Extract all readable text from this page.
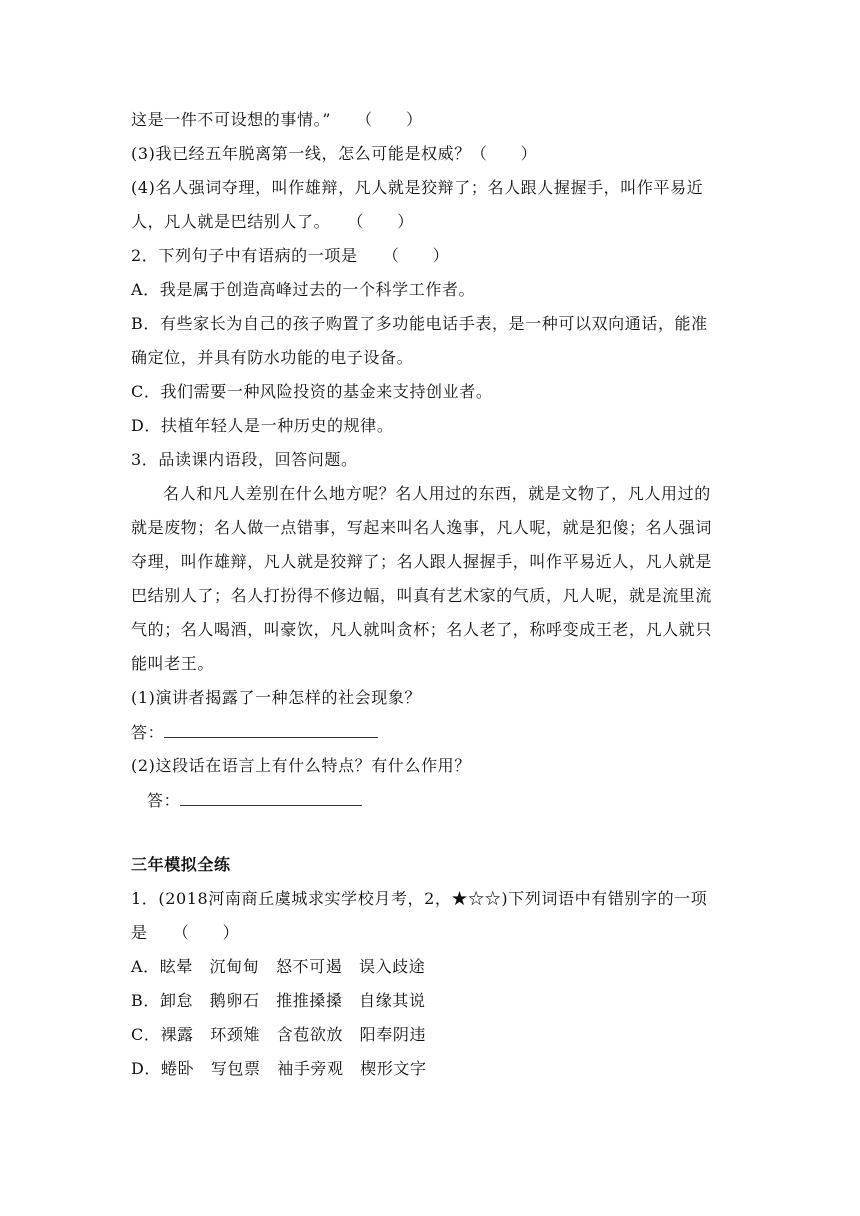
这是一件不可设想的事情。”　　（　　）
(3)我已经五年脱离第一线，怎么可能是权威？（　　）
(4)名人强词夺理，叫作雄辩，凡人就是狡辩了；名人跟人握握手，叫作平易近
人，凡人就是巴结别人了。　　（　　）
2．下列句子中有语病的一项是　　（　　）
A．我是属于创造高峰过去的一个科学工作者。
B．有些家长为自己的孩子购置了多功能电话手表，是一种可以双向通话，能准
确定位，并具有防水功能的电子设备。
C．我们需要一种风险投资的基金来支持创业者。
D．扶植年轻人是一种历史的规律。
3．品读课内语段，回答问题。
名人和凡人差别在什么地方呢？名人用过的东西，就是文物了，凡人用过的
就是废物；名人做一点错事，写起来叫名人逸事，凡人呢，就是犯傻；名人强词
夺理，叫作雄辩，凡人就是狡辩了；名人跟人握握手，叫作平易近人，凡人就是
巴结别人了；名人打扮得不修边幅，叫真有艺术家的气质，凡人呢，就是流里流
气的；名人喝酒，叫豪饮，凡人就叫贪杯；名人老了，称呼变成王老，凡人就只
能叫老王。
(1)演讲者揭露了一种怎样的社会现象？
答：
(2)这段话在语言上有什么特点？有什么作用？
答：
三年模拟全练
1．(2018河南商丘虞城求实学校月考，2，★☆☆)下列词语中有错别字的一项
是　　（　　）
A．眩晕　沉甸甸　怒不可遏　误入歧途
B．卸怠　鹅卵石　推推搡搡　自缘其说
C．裸露　环颈雉　含苞欲放　阳奉阴违
D．蜷卧　写包票　袖手旁观　楔形文字
